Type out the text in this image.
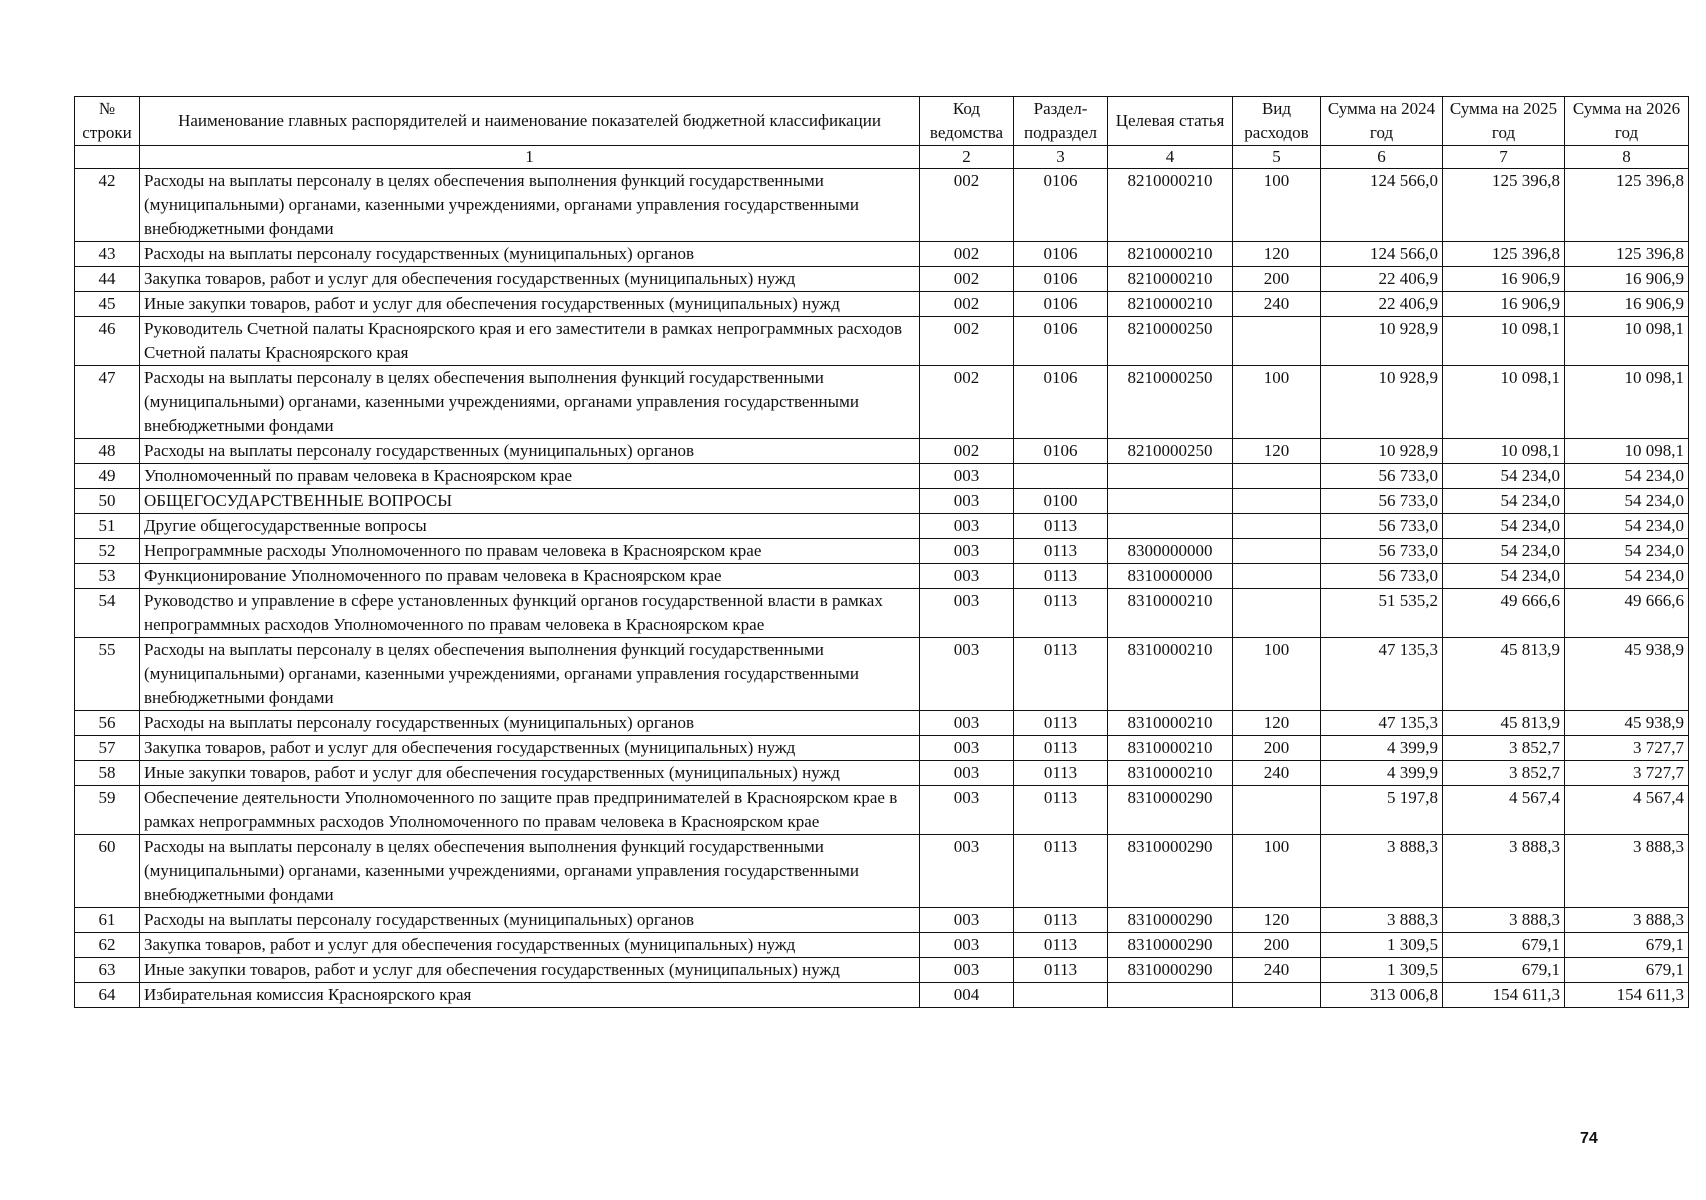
№ строки	Наименование главных распорядителей и наименование показателей бюджетной классификации	Код ведомства	Раздел-подраздел	Целевая статья	Вид расходов	Сумма на 2024 год	Сумма на 2025 год	Сумма на 2026 год
	1	2	3	4	5	6	7	8
42	Расходы на выплаты персоналу в целях обеспечения выполнения функций государственными (муниципальными) органами, казенными учреждениями, органами управления государственными внебюджетными фондами	002	0106	8210000210	100	124 566,0	125 396,8	125 396,8
43	Расходы на выплаты персоналу государственных (муниципальных) органов	002	0106	8210000210	120	124 566,0	125 396,8	125 396,8
44	Закупка товаров, работ и услуг для обеспечения государственных (муниципальных) нужд	002	0106	8210000210	200	22 406,9	16 906,9	16 906,9
45	Иные закупки товаров, работ и услуг для обеспечения государственных (муниципальных) нужд	002	0106	8210000210	240	22 406,9	16 906,9	16 906,9
46	Руководитель Счетной палаты Красноярского края и его заместители в рамках непрограммных расходов Счетной палаты Красноярского края	002	0106	8210000250		10 928,9	10 098,1	10 098,1
47	Расходы на выплаты персоналу в целях обеспечения выполнения функций государственными (муниципальными) органами, казенными учреждениями, органами управления государственными внебюджетными фондами	002	0106	8210000250	100	10 928,9	10 098,1	10 098,1
48	Расходы на выплаты персоналу государственных (муниципальных) органов	002	0106	8210000250	120	10 928,9	10 098,1	10 098,1
49	Уполномоченный по правам человека в Красноярском крае	003				56 733,0	54 234,0	54 234,0
50	ОБЩЕГОСУДАРСТВЕННЫЕ ВОПРОСЫ	003	0100			56 733,0	54 234,0	54 234,0
51	Другие общегосударственные вопросы	003	0113			56 733,0	54 234,0	54 234,0
52	Непрограммные расходы Уполномоченного по правам человека в Красноярском крае	003	0113	8300000000		56 733,0	54 234,0	54 234,0
53	Функционирование Уполномоченного по правам человека в Красноярском крае	003	0113	8310000000		56 733,0	54 234,0	54 234,0
54	Руководство и управление в сфере установленных функций органов государственной власти в рамках непрограммных расходов Уполномоченного по правам человека в Красноярском крае	003	0113	8310000210		51 535,2	49 666,6	49 666,6
55	Расходы на выплаты персоналу в целях обеспечения выполнения функций государственными (муниципальными) органами, казенными учреждениями, органами управления государственными внебюджетными фондами	003	0113	8310000210	100	47 135,3	45 813,9	45 938,9
56	Расходы на выплаты персоналу государственных (муниципальных) органов	003	0113	8310000210	120	47 135,3	45 813,9	45 938,9
57	Закупка товаров, работ и услуг для обеспечения государственных (муниципальных) нужд	003	0113	8310000210	200	4 399,9	3 852,7	3 727,7
58	Иные закупки товаров, работ и услуг для обеспечения государственных (муниципальных) нужд	003	0113	8310000210	240	4 399,9	3 852,7	3 727,7
59	Обеспечение деятельности Уполномоченного по защите прав предпринимателей в Красноярском крае в рамках непрограммных расходов Уполномоченного по правам человека в Красноярском крае	003	0113	8310000290		5 197,8	4 567,4	4 567,4
60	Расходы на выплаты персоналу в целях обеспечения выполнения функций государственными (муниципальными) органами, казенными учреждениями, органами управления государственными внебюджетными фондами	003	0113	8310000290	100	3 888,3	3 888,3	3 888,3
61	Расходы на выплаты персоналу государственных (муниципальных) органов	003	0113	8310000290	120	3 888,3	3 888,3	3 888,3
62	Закупка товаров, работ и услуг для обеспечения государственных (муниципальных) нужд	003	0113	8310000290	200	1 309,5	679,1	679,1
63	Иные закупки товаров, работ и услуг для обеспечения государственных (муниципальных) нужд	003	0113	8310000290	240	1 309,5	679,1	679,1
64	Избирательная комиссия Красноярского края	004				313 006,8	154 611,3	154 611,3
74
